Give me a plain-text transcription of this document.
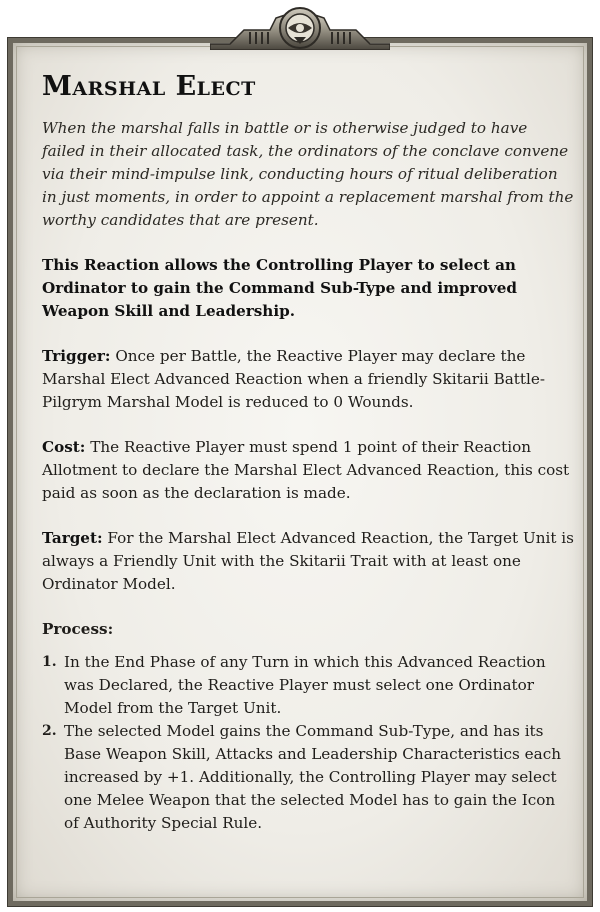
Marshal Elect

When the marshal falls in battle or is otherwise judged to have failed in their allocated task, the ordinators of the conclave convene via their mind-impulse link, conducting hours of ritual deliberation in just moments, in order to appoint a replacement marshal from the worthy candidates that are present.

This Reaction allows the Controlling Player to select an Ordinator to gain the Command Sub-Type and improved Weapon Skill and Leadership.

Trigger: Once per Battle, the Reactive Player may declare the Marshal Elect Advanced Reaction when a friendly Skitarii Battle-Pilgrym Marshal Model is reduced to 0 Wounds.

Cost: The Reactive Player must spend 1 point of their Reaction Allotment to declare the Marshal Elect Advanced Reaction, this cost paid as soon as the declaration is made.

Target: For the Marshal Elect Advanced Reaction, the Target Unit is always a Friendly Unit with the Skitarii Trait with at least one Ordinator Model.

Process:

1. In the End Phase of any Turn in which this Advanced Reaction was Declared, the Reactive Player must select one Ordinator Model from the Target Unit.
2. The selected Model gains the Command Sub-Type, and has its Base Weapon Skill, Attacks and Leadership Characteristics each increased by +1. Additionally, the Controlling Player may select one Melee Weapon that the selected Model has to gain the Icon of Authority Special Rule.
